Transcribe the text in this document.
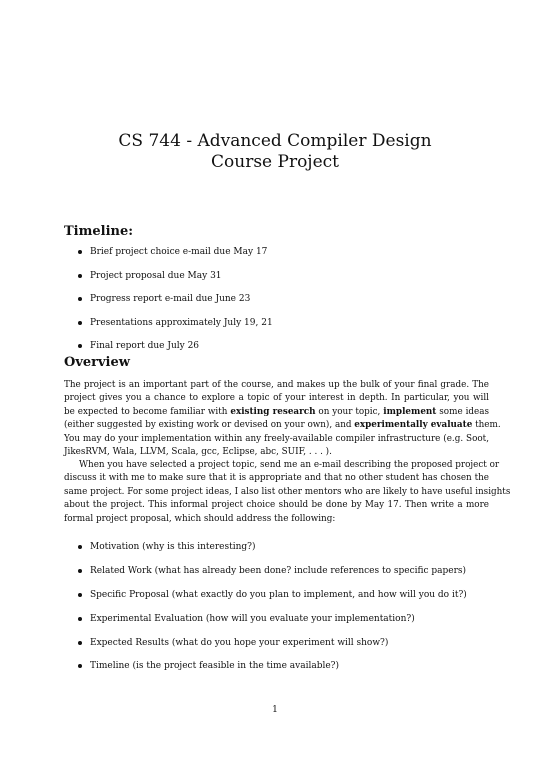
CS 744 - Advanced Compiler Design

Course Project

Timeline:
Brief project choice e-mail due May 17
Project proposal due May 31
Progress report e-mail due June 23
Presentations approximately July 19, 21
Final report due July 26
Overview
The project is an important part of the course, and makes up the bulk of your final grade. The
project gives you a chance to explore a topic of your interest in depth. In particular, you will
be expected to become familiar with existing research on your topic, implement some ideas
(either suggested by existing work or devised on your own), and experimentally evaluate them.
You may do your implementation within any freely-available compiler infrastructure (e.g. Soot,
JikesRVM, Wala, LLVM, Scala, gcc, Eclipse, abc, SUIF, . . . ).
When you have selected a project topic, send me an e-mail describing the proposed project or
discuss it with me to make sure that it is appropriate and that no other student has chosen the
same project. For some project ideas, I also list other mentors who are likely to have useful insights
about the project. This informal project choice should be done by May 17. Then write a more
formal project proposal, which should address the following:
Motivation (why is this interesting?)
Related Work (what has already been done? include references to specific papers)
Specific Proposal (what exactly do you plan to implement, and how will you do it?)
Experimental Evaluation (how will you evaluate your implementation?)
Expected Results (what do you hope your experiment will show?)
Timeline (is the project feasible in the time available?)
1
